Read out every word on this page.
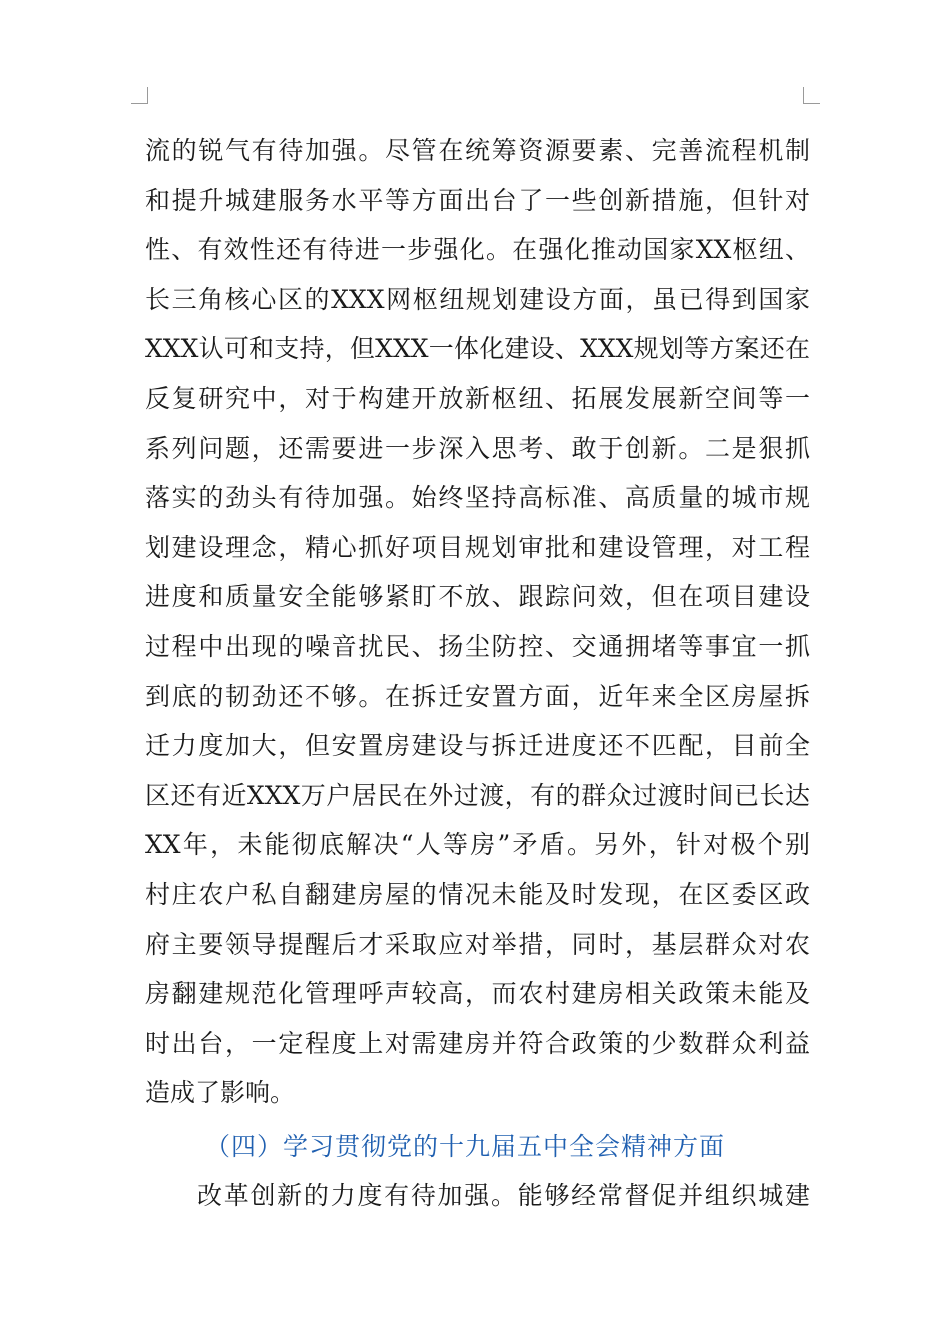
流的锐气有待加强。尽管在统筹资源要素、完善流程机制
和提升城建服务水平等方面出台了一些创新措施，但针对
性、有效性还有待进一步强化。在强化推动国家XX枢纽、
长三角核心区的XXX网枢纽规划建设方面，虽已得到国家
XXX认可和支持，但XXX一体化建设、XXX规划等方案还在
反复研究中，对于构建开放新枢纽、拓展发展新空间等一
系列问题，还需要进一步深入思考、敢于创新。二是狠抓
落实的劲头有待加强。始终坚持高标准、高质量的城市规
划建设理念，精心抓好项目规划审批和建设管理，对工程
进度和质量安全能够紧盯不放、跟踪问效，但在项目建设
过程中出现的噪音扰民、扬尘防控、交通拥堵等事宜一抓
到底的韧劲还不够。在拆迁安置方面，近年来全区房屋拆
迁力度加大，但安置房建设与拆迁进度还不匹配，目前全
区还有近XXX万户居民在外过渡，有的群众过渡时间已长达
XX年，未能彻底解决“人等房”矛盾。另外，针对极个别
村庄农户私自翻建房屋的情况未能及时发现，在区委区政
府主要领导提醒后才采取应对举措，同时，基层群众对农
房翻建规范化管理呼声较高，而农村建房相关政策未能及
时出台，一定程度上对需建房并符合政策的少数群众利益
造成了影响。
（四）学习贯彻党的十九届五中全会精神方面
改革创新的力度有待加强。能够经常督促并组织城建
